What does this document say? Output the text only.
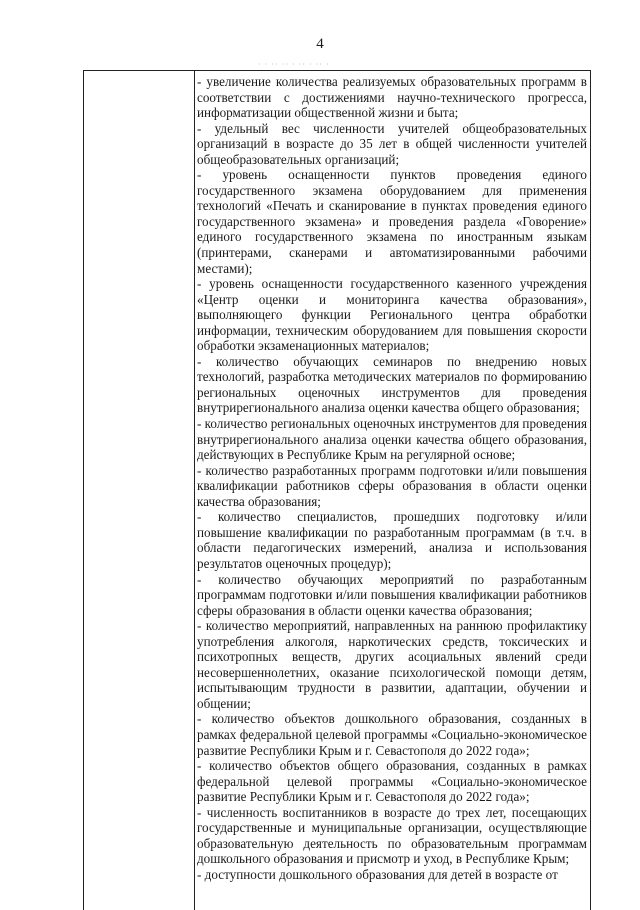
4
· · ·· ·· · ·· · ·· ·

- увеличение количества реализуемых образовательных программ в соответствии с достижениями научно-технического прогресса, информатизации общественной жизни и быта;

- удельный вес численности учителей общеобразовательных организаций в возрасте до 35 лет в общей численности учителей общеобразовательных организаций;

- уровень оснащенности пунктов проведения единого государственного экзамена оборудованием для применения технологий «Печать и сканирование в пунктах проведения единого государственного экзамена» и проведения раздела «Говорение» единого государственного экзамена по иностранным языкам (принтерами, сканерами и автоматизированными рабочими местами);

- уровень оснащенности государственного казенного учреждения «Центр оценки и мониторинга качества образования», выполняющего функции Регионального центра обработки информации, техническим оборудованием для повышения скорости обработки экзаменационных материалов;

- количество обучающих семинаров по внедрению новых технологий, разработка методических материалов по формированию региональных оценочных инструментов для проведения внутрирегионального анализа оценки качества общего образования;

- количество региональных оценочных инструментов для проведения внутрирегионального анализа оценки качества общего образования, действующих в Республике Крым на регулярной основе;

- количество разработанных программ подготовки и/или повышения квалификации работников сферы образования в области оценки качества образования;

- количество специалистов, прошедших подготовку и/или повышение квалификации по разработанным программам (в т.ч. в области педагогических измерений, анализа и использования результатов оценочных процедур);

- количество обучающих мероприятий по разработанным программам подготовки и/или повышения квалификации работников сферы образования в области оценки качества образования;

- количество мероприятий, направленных на раннюю профилактику употребления алкоголя, наркотических средств, токсических и психотропных веществ, других асоциальных явлений среди несовершеннолетних, оказание психологической помощи детям, испытывающим трудности в развитии, адаптации, обучении и общении;

- количество объектов дошкольного образования, созданных в рамках федеральной целевой программы «Социально-экономическое развитие Республики Крым и г. Севастополя до 2022 года»;

- количество объектов общего образования, созданных в рамках федеральной целевой программы «Социально-экономическое развитие Республики Крым и г. Севастополя до 2022 года»;

- численность воспитанников в возрасте до трех лет, посещающих государственные и муниципальные организации, осуществляющие образовательную деятельность по образовательным программам дошкольного образования и присмотр и уход, в Республике Крым;

- доступности дошкольного образования для детей в возрасте от
